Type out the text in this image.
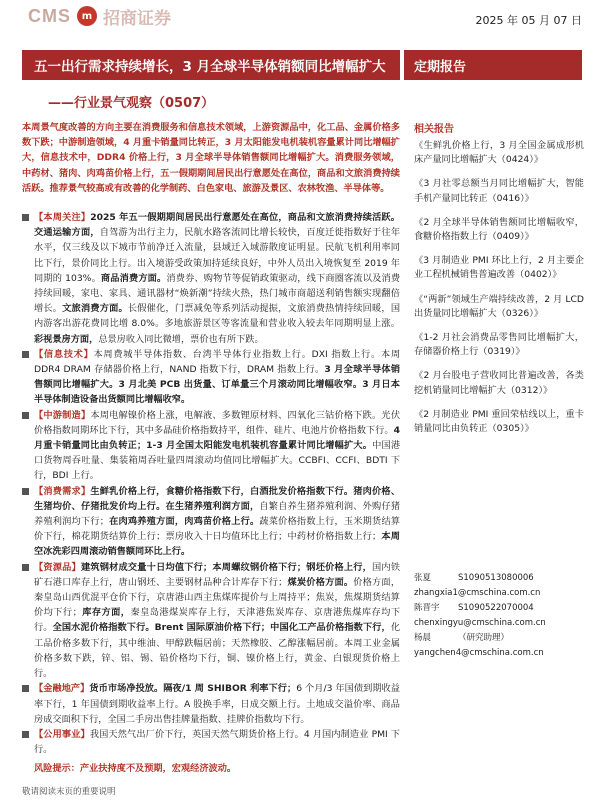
CMS	m 招商证券	2025 年 05 月 07 日
五一出行需求持续增长，3 月全球半导体销额同比增幅扩大	定期报告
——行业景气观察（0507）
本周景气度改善的方向主要在消费服务和信息技术领域，上游资源品中，化工品、金属价格多数下跌；中游制造领域，4 月重卡销量同比转正，3 月太阳能发电机装机容量累计同比增幅扩大，信息技术中，DDR4 价格上行，3 月全球半导体销售额同比增幅扩大。消费服务领域，中药材、猪肉、肉鸡苗价格上行，五一假期期间居民出行意愿处在高位，商品和文旅消费持续活跃。推荐景气较高或有改善的化学制药、白色家电、旅游及景区、农林牧渔、半导体等。
【本周关注】2025 年五一假期期间居民出行意愿处在高位，商品和文旅消费持续活跃。交通运输方面，自驾游为出行主力，民航水路客流同比增长较快，百度迁徙指数好于往年水平，仅三线及以下城市节前净迁入流量，县域迁入域游散度证明显。民航飞机利用率同比下行，景价同比上行。出入境游受政策加持延续良好，中外人员出入境恢复至 2019 年同期的 103%。商品消费方面。消费券、购物节等促销政策驱动，线下商圈客流以及消费持续回暖，家电、家具、通讯器材“焕新潮”持续火热，热门城市商超送利销售额实现翻倍增长。文旅消费方面。长假催化，门票减免等系列活动提振，文旅消费热情持续回暖，国内游客出游花费同比增 8.0%。多地旅游景区等客流量和营业收入较去年同期明显上涨。彩视景房方面，总景房收入同比微增，票价也有所下跌。
【信息技术】本周费城半导体指数、台湾半导体行业指数上行。DXI 指数上行。本周 DDR4 DRAM 存储器价格上行，NAND 指数下行，DRAM 指数上行。3 月全球半导体销售额同比增幅扩大。3 月北美 PCB 出货量、订单量三个月滚动同比增幅收窄。3 月日本半导体制造设备出货额同比增幅收窄。
【中游制造】本周电解镍价格上涨，电解液、多数锂原材料、四氧化三钴价格下跌。光伏价格指数同期环比下行，其中多晶硅价格指数持平，组件、硅片、电池片价格指数下行。4 月重卡销量同比由负转正；1-3 月全国太阳能发电机装机容量累计同比增幅扩大。中国港口货物周吞吐量、集装箱周吞吐量四周滚动均值同比增幅扩大。CCBFI、CCFI、BDTI 下行，BDI 上行。
【消费需求】生鲜乳价格上行，食糖价格指数下行，白酒批发价格指数下行。猪肉价格、生猪均价、仔猪批发价均上行。在生猪养殖利润方面，自繁自养生猪养殖利润、外购仔猪养殖利润均下行；在肉鸡养殖方面，肉鸡苗价格上行。蔬菜价格指数上行，玉米期货结算价下行，棉花期货结算价上行；票房收入十日均值环比上行；中药材价格指数上行；本周空冰洗彩四周滚动销售额同环比上行。
【资源品】建筑钢材成交量十日均值下行；本周螺纹钢价格下行；钢坯价格上行，国内铁矿石港口库存上行，唐山钢坯、主要钢材品种合计库存下行；煤炭价格方面。价格方面，秦皇岛山西优混平仓价下行，京唐港山西主焦煤库提价与上周持平；焦炭，焦煤期货结算价均下行；库存方面，秦皇岛港煤炭库存上行，天津港焦炭库存、京唐港焦煤库存均下行。全国水泥价格指数下行。Brent 国际原油价格下行；中国化工产品价格指数下行，化工品价格多数下行，其中维油、甲醇跌幅居前；天然橡胶、乙醇涨幅居前。本周工业金属价格多数下跌，锌、铝、锡、铅价格均下行，铜、镍价格上行，黄金、白银现货价格上行。
【金融地产】货币市场净投放。隔夜/1 周 SHIBOR 利率下行；6 个月/3 年国债到期收益率下行，1 年国债到期收益率上行。A 股换手率，日成交额上行。土地成交溢价率、商品房成交面积下行，全国二手房出售挂牌量指数、挂牌价指数均下行。
【公用事业】我国天然气出厂价下行，英国天然气期货价格上行。4 月国内制造业 PMI 下行。
风险提示：产业扶持度不及预期，宏观经济波动。
敬请阅读末页的重要说明
相关报告
《生鲜乳价格上行，3 月全国金属成形机床产量同比增幅扩大（0424）》
《3 月社零总额当月同比增幅扩大，智能手机产量同比转正（0416）》
《2 月全球半导体销售额同比增幅收窄，食糖价格指数上行（0409）》
《3 月制造业 PMI 环比上行，2 月主要企业工程机械销售普遍改善（0402）》
《“两新”领域生产端持续改善，2 月 LCD 出货量同比增幅扩大（0326）》
《1-2 月社会消费品零售同比增幅扩大，存储器价格上行（0319）》
《2 月台股电子营收同比普遍改善，各类挖机销量同比增幅扩大（0312）》
《2 月制造业 PMI 重回荣枯线以上，重卡销量同比由负转正（0305）》
张夏	S1090513080006
zhangxia1@cmschina.com.cn
陈晋宇	S1090522070004
chenxingyu@cmschina.com.cn
杨晨	（研究助理）
yangchen4@cmschina.com.cn
